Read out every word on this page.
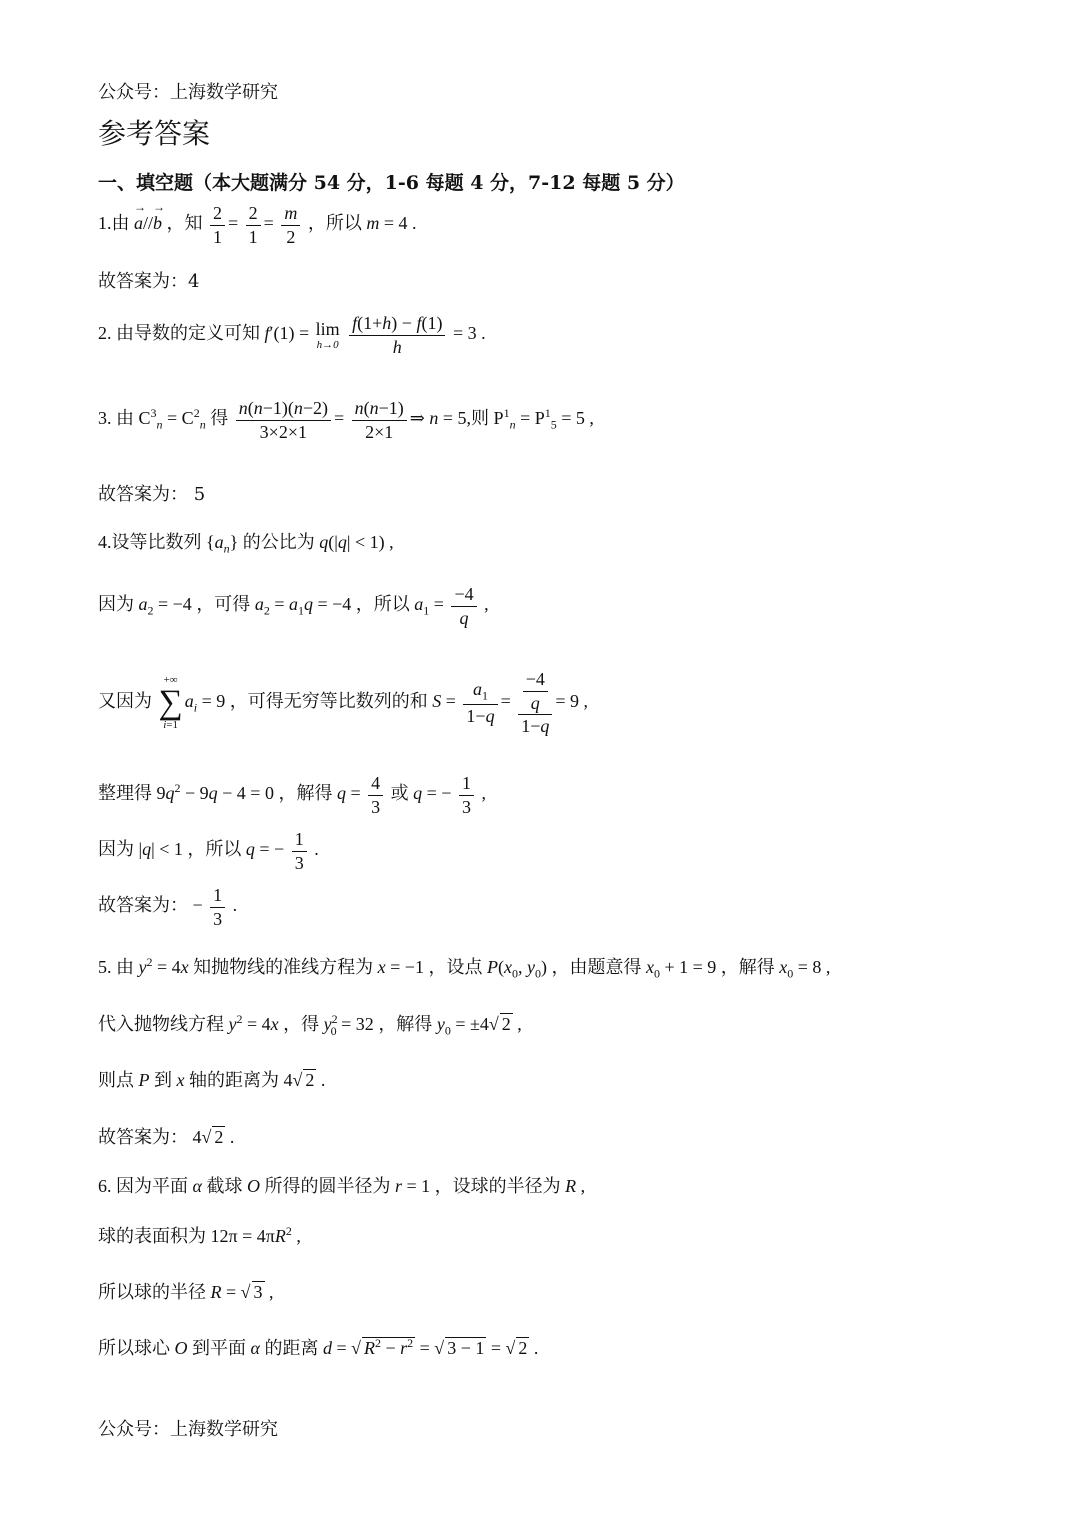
公众号：上海数学研究
参考答案
一、填空题（本大题满分 54 分，1-6 每题 4 分，7-12 每题 5 分）
1.由 a →//b → ，知 $\frac{2}{1} = \frac{2}{1} = \frac{m}{2}$ ，所以 m = 4 .
故答案为：4
2. 由导数的定义可知 f′(1) = lim
h→0
$\frac{f(1+h) - f(1)}{h} = 3$ .
3. 由 $C^3_n = C^2_n$ 得 $\frac{n(n-1)(n-2)}{3\times 2\times 1} = \frac{n(n-1)}{2\times 1}$ ⇒ n = 5,则 $P^1_n = P^1_5 = 5$ ,
故答案为： 5
4.设等比数列 $\{a_n\}$ 的公比为 q(|q| < 1) ,
因为 $a_2 = -4$ ，可得 $a_2 = a_1q = -4$ ，所以 $a_1 = \frac{-4}{q}$ ,
又因为
+∞
∑
i=1
$a_i = 9$ ，可得无穷等比数列的和 $S = \frac{a_1}{1-q} = \frac{\frac{-4}{q}}{1-q} = 9$ ,
整理得 $9q^2 - 9q - 4 = 0$ ，解得 $q = \frac{4}{3}$ 或 q = − $\frac{1}{3}$ ,
因为 |q| < 1 ，所以 q = − $\frac{1}{3}$ .
故答案为： − $\frac{1}{3}$ .
5. 由 $y^2 = 4x$ 知抛物线的准线方程为 x = −1 ，设点 $P(x_0$, $y_0$) ，由题意得 $x_0 + 1 = 9$ ，解得 $x_0 = 8$ ,
代入抛物线方程 $y^2 = 4x$ ，得 $y^2_0 = 32$ ，解得 $y_0 = \pm 4√$ 2 ,
则点 P 到 x 轴的距离为 4√ 2 .
故答案为： 4√ 2 .
6. 因为平面 α 截球 O 所得的圆半径为 r = 1 ，设球的半径为 R ,
球的表面积为 $12\pi = 4\pi R^2$ ,
所以球的半径 R = √ 3 ,
所以球心 O 到平面 α 的距离 d = √ $R^2 - r^2$ = √ 3 − 1 = √ 2 .
公众号：上海数学研究
